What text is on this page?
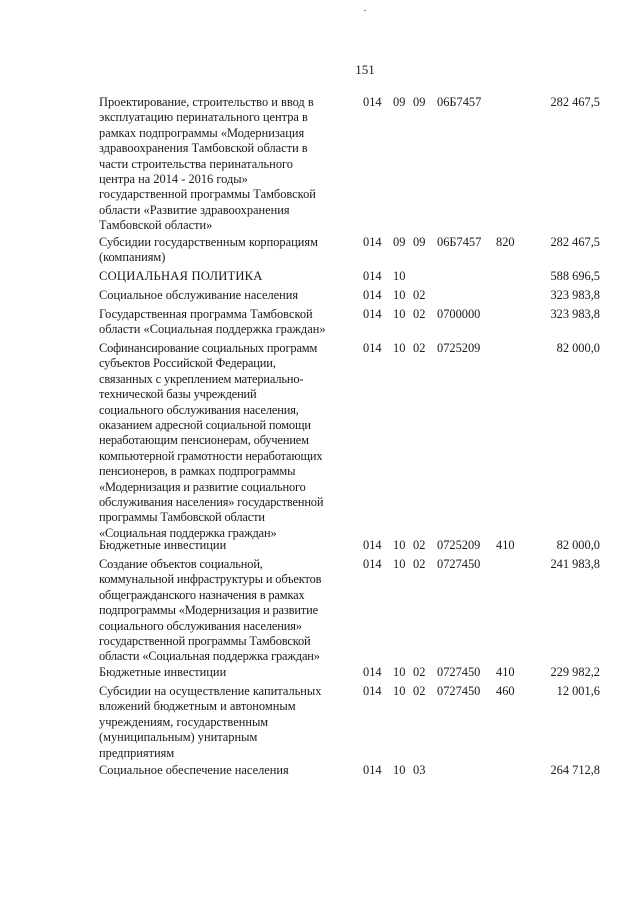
151
Проектирование, строительство и ввод в
эксплуатацию перинатального центра в
рамках подпрограммы «Модернизация
здравоохранения Тамбовской области в
части строительства перинатального
центра на 2014 - 2016 годы»
государственной программы Тамбовской
области «Развитие здравоохранения
Тамбовской области»
014 09 09 06Б7457	282 467,5
Субсидии государственным корпорациям
(компаниям)
014 09 09 06Б7457 820	282 467,5
СОЦИАЛЬНАЯ ПОЛИТИКА	014 10	588 696,5
Социальное обслуживание населения	014 10 02	323 983,8
Государственная программа Тамбовской
области «Социальная поддержка граждан»
014 10 02 0700000	323 983,8
Софинансирование социальных программ
субъектов Российской Федерации,
связанных с укреплением материально-
технической базы учреждений
социального обслуживания населения,
оказанием адресной социальной помощи
неработающим пенсионерам, обучением
компьютерной грамотности неработающих
пенсионеров, в рамках подпрограммы
«Модернизация и развитие социального
обслуживания населения» государственной
программы Тамбовской области
«Социальная поддержка граждан»
014 10 02 0725209	82 000,0
Бюджетные инвестиции	014 10 02 0725209 410	82 000,0
Создание объектов социальной,
коммунальной инфраструктуры и объектов
общегражданского назначения в рамках
подпрограммы «Модернизация и развитие
социального обслуживания населения»
государственной программы Тамбовской
области «Социальная поддержка граждан»
014 10 02 0727450	241 983,8
Бюджетные инвестиции	014 10 02 0727450 410	229 982,2
Субсидии на осуществление капитальных
вложений бюджетным и автономным
учреждениям, государственным
(муниципальным) унитарным
предприятиям
014 10 02 0727450 460	12 001,6
Социальное обеспечение населения	014 10 03	264 712,8
